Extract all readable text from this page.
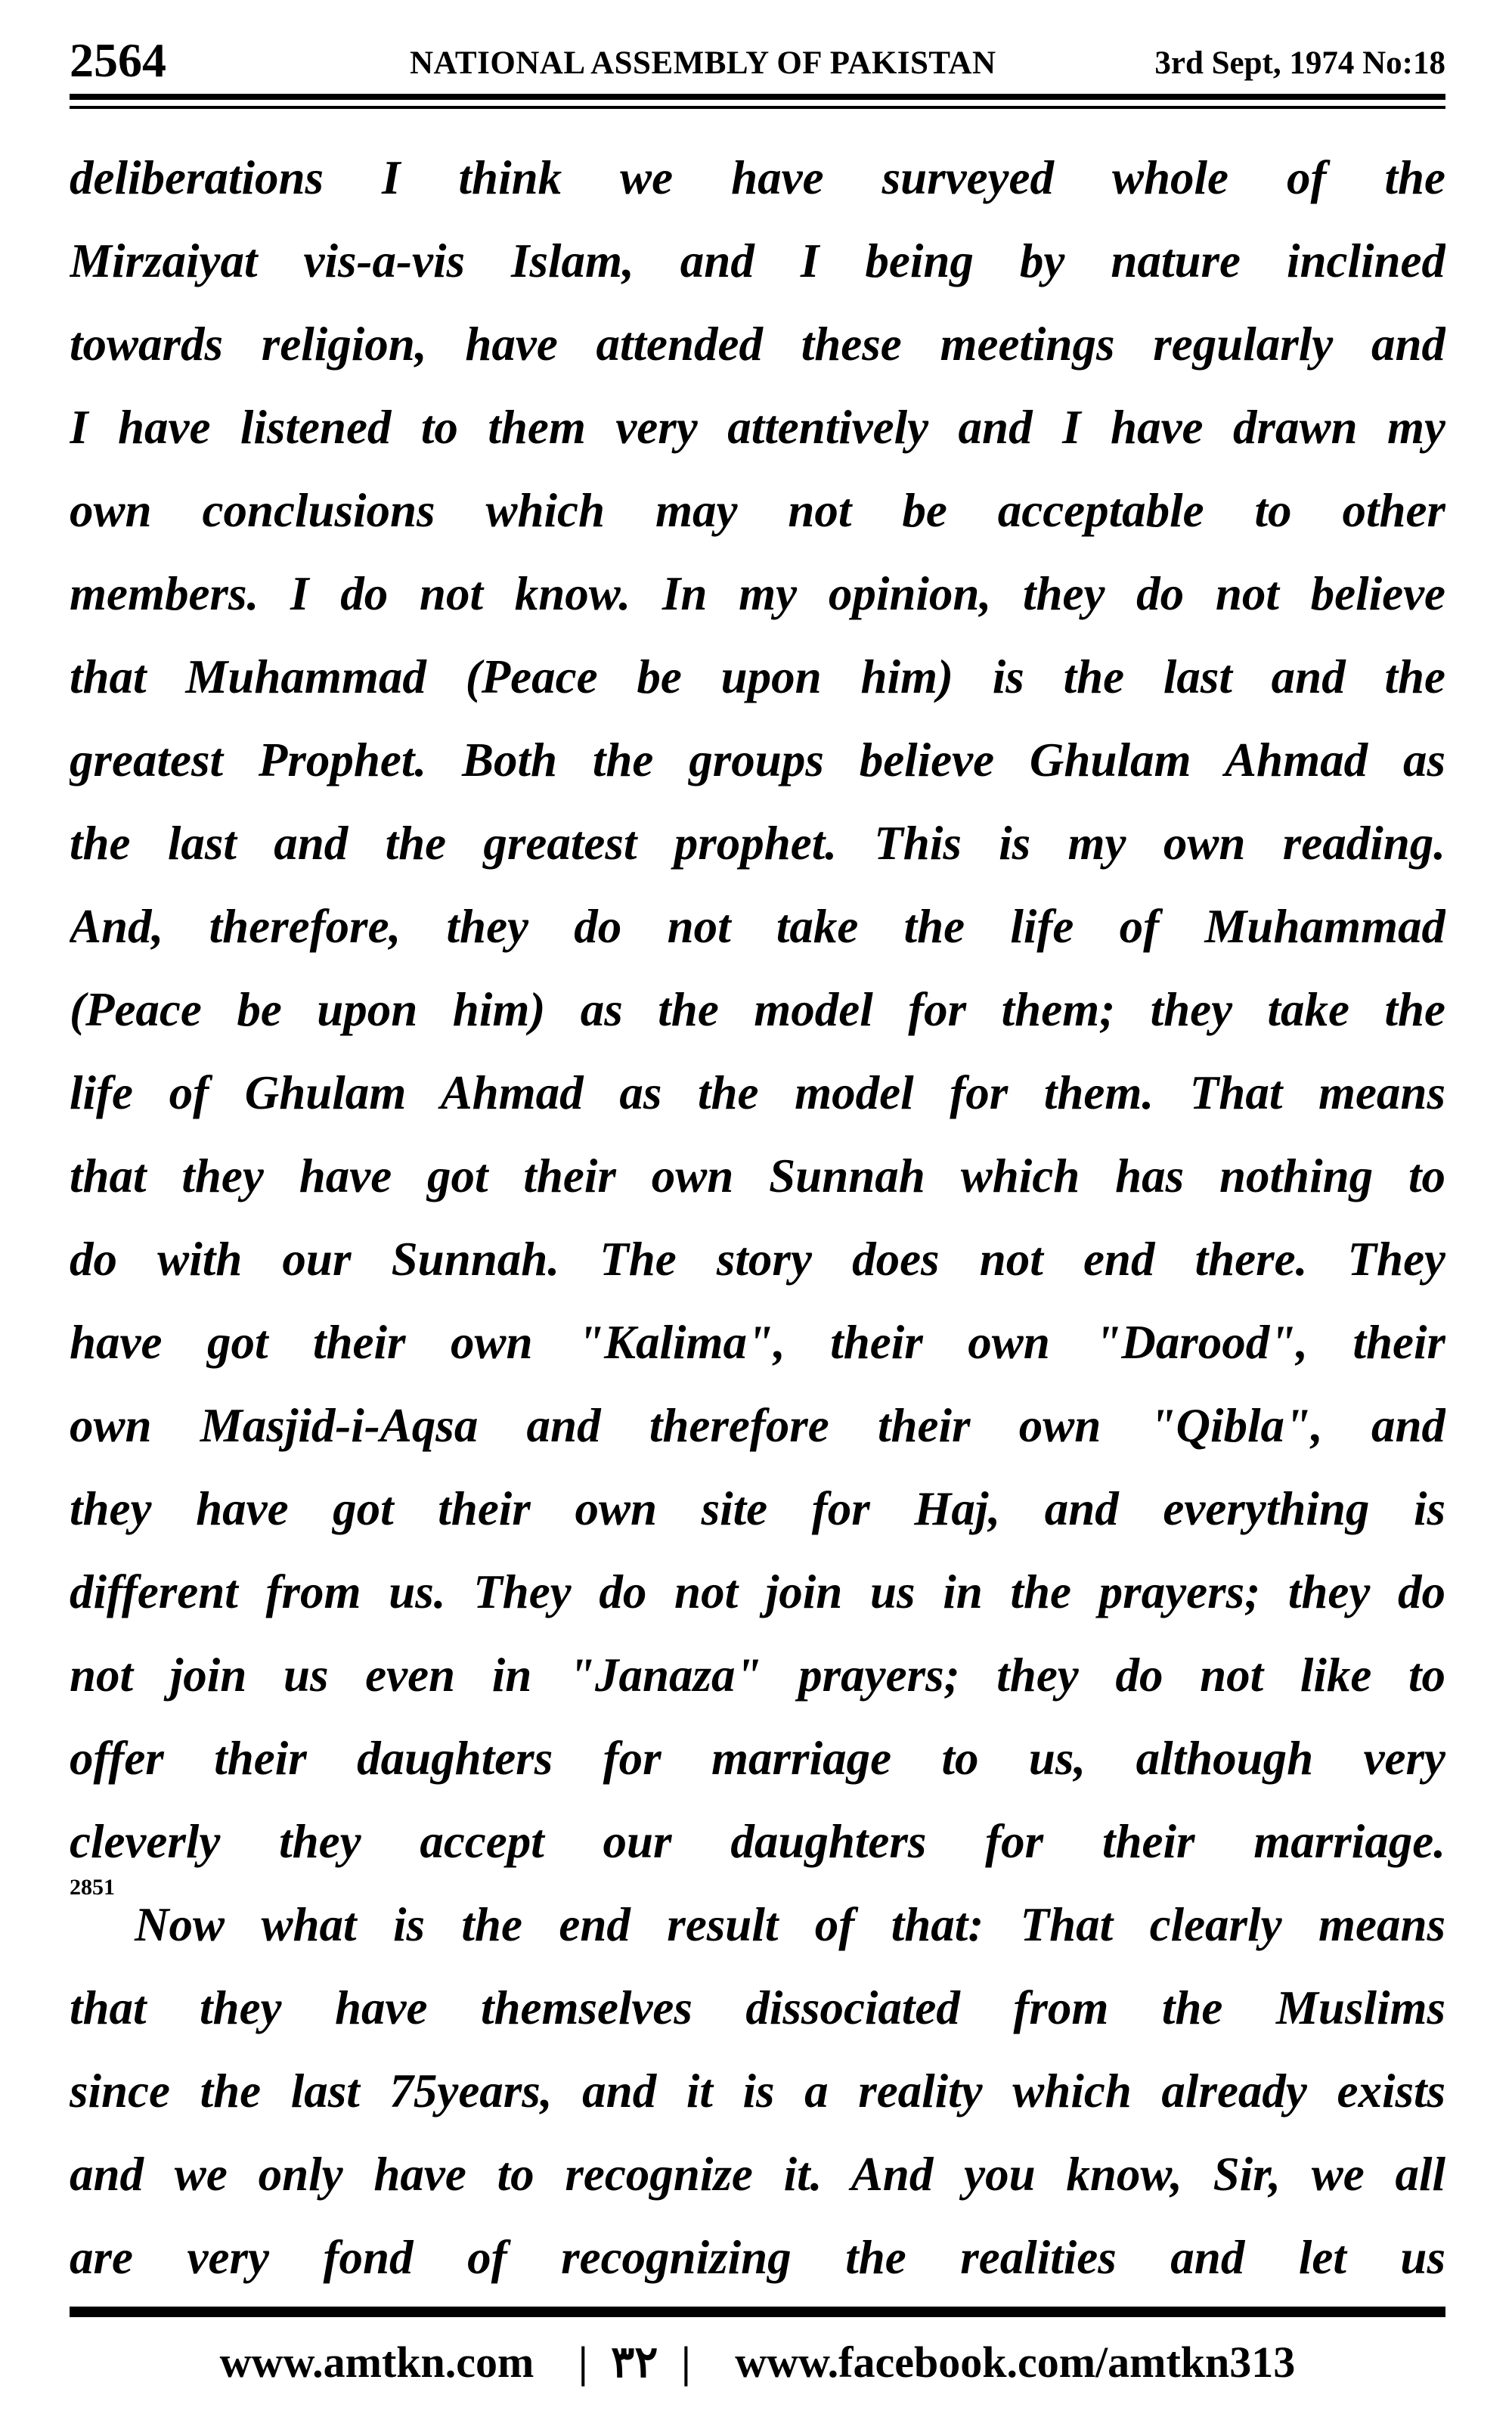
2564	NATIONAL ASSEMBLY OF PAKISTAN	3rd Sept, 1974 No:18
deliberations I think we have surveyed whole of the
Mirzaiyat vis-a-vis Islam, and I being by nature inclined
towards religion, have attended these meetings regularly and
I have listened to them very attentively and I have drawn my
own conclusions which may not be acceptable to other
members. I do not know. In my opinion, they do not believe
that Muhammad (Peace be upon him) is the last and the
greatest Prophet. Both the groups believe Ghulam Ahmad as
the last and the greatest prophet. This is my own reading.
And, therefore, they do not take the life of Muhammad
(Peace be upon him) as the model for them; they take the
life of Ghulam Ahmad as the model for them. That means
that they have got their own Sunnah which has nothing to
do with our Sunnah. The story does not end there. They
have got their own "Kalima", their own "Darood", their
own Masjid-i-Aqsa and therefore their own "Qibla", and
they have got their own site for Haj, and everything is
different from us. They do not join us in the prayers; they do
not join us even in "Janaza" prayers; they do not like to
offer their daughters for marriage to us, although very
cleverly they accept our daughters for their marriage.
2851
Now what is the end result of that: That clearly means
that they have themselves dissociated from the Muslims
since the last 75years, and it is a reality which already exists
and we only have to recognize it. And you know, Sir, we all
are very fond of recognizing the realities and let us
www.amtkn.com | ۳۲ | www.facebook.com/amtkn313
